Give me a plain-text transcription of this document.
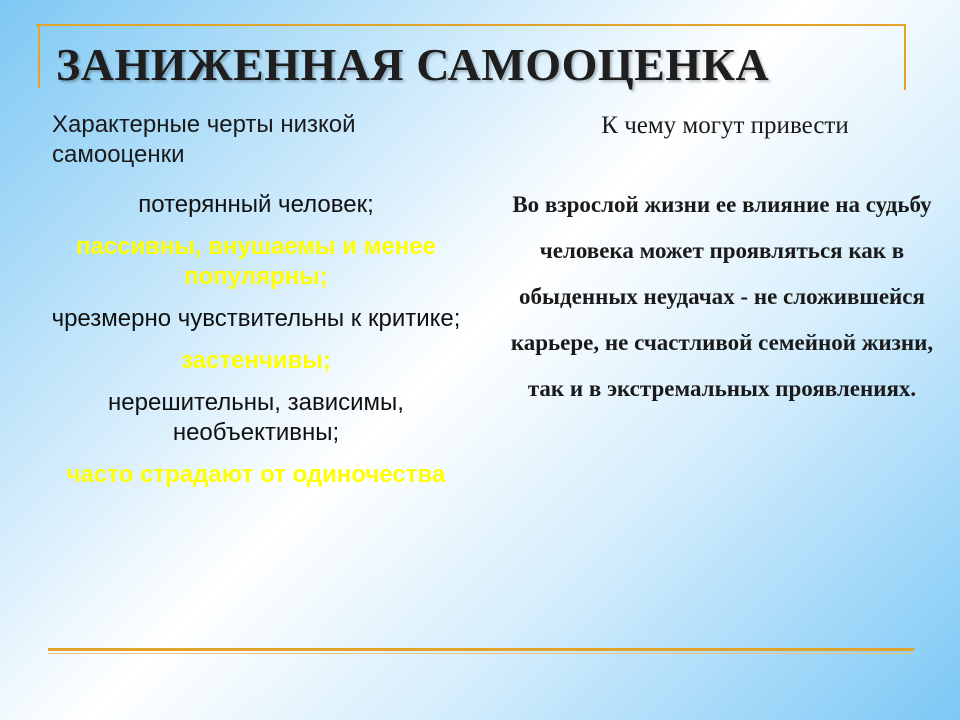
ЗАНИЖЕННАЯ САМООЦЕНКА
Характерные черты низкой самооценки
К чему могут привести
потерянный человек;
пассивны, внушаемы и менее популярны;
чрезмерно чувствительны к критике;
застенчивы;
нерешительны, зависимы, необъективны;
часто страдают от одиночества
Во взрослой жизни ее влияние на судьбу человека может проявляться как в обыденных неудачах - не сложившейся карьере, не счастливой семейной жизни, так и в экстремальных проявлениях.
